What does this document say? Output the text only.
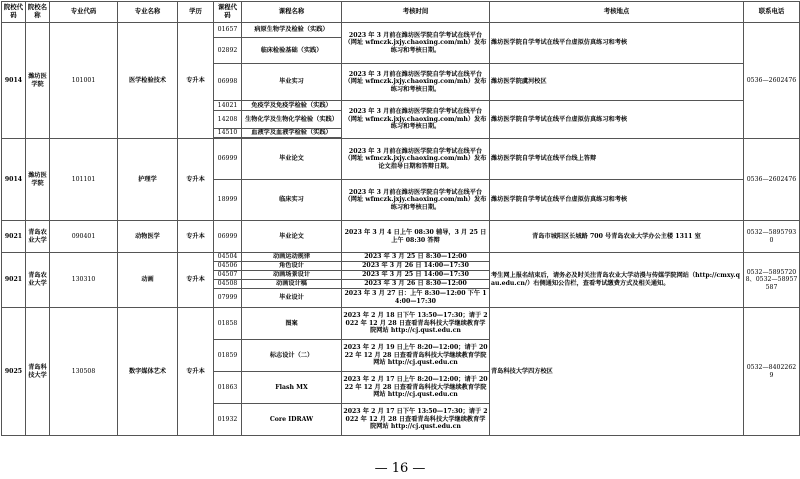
院校代码	院校名称	专业代码	专业名称	学历	课程代码	课程名称	考核时间	考核地点	联系电话
9014	潍坊医学院	101001	医学检验技术	专升本	01657	病原生物学及检验（实践）	2023 年 3 月前在潍坊医学院自学考试在线平台（网址 wfmczk.jxjy.chaoxing.com/mh）发布练习和考核日期。	潍坊医学院自学考试在线平台虚拟仿真练习和考核	0536—2602476
					02892	临床检验基础（实践）			
					06998	毕业实习	2023 年 3 月前在潍坊医学院自学考试在线平台（网址 wfmczk.jxjy.chaoxing.com/mh）发布练习和考核日期。	潍坊医学院虞河校区	
					14021	免疫学及免疫学检验（实践）	2023 年 3 月前在潍坊医学院自学考试在线平台（网址 wfmczk.jxjy.chaoxing.com/mh）发布练习和考核日期。	潍坊医学院自学考试在线平台虚拟仿真练习和考核	
					14208	生物化学及生物化学检验（实践）			
					14510	血液学及血液学检验（实践）			

9014	潍坊医学院	101101	护理学	专升本	06999	毕业论文	2023 年 3 月前在潍坊医学院自学考试在线平台（网址 wfmczk.jxjy.chaoxing.com/mh）发布论文指导日期和答辩日期。	潍坊医学院自学考试在线平台线上答辩	0536—2602476
					18999	临床实习	2023 年 3 月前在潍坊医学院自学考试在线平台（网址 wfmczk.jxjy.chaoxing.com/mh）发布练习和考核日期。	潍坊医学院自学考试在线平台虚拟仿真练习和考核	
9021	青岛农业大学	090401	动物医学	专升本	06999	毕业论文	2023 年 3 月 4 日上午 08:30 辅导，3 月 25 日上午 08:30 答辩	青岛市城阳区长城路 700 号青岛农业大学办公主楼 1311 室	0532—58957930
9021	青岛农业大学	130310	动画	专升本	04504	动画运动规律	2023 年 3 月 25 日 8:30—12:00	考生网上报名结束后，请务必及时关注青岛农业大学动漫与传媒学院网站（http://cmxy.qau.edu.cn/）右侧通知公告栏，查看考试缴费方式及相关通知。	0532—58957208、0532—58957587
					04506	角色设计	2023 年 3 月 26 日 14:00—17:30		
					04507	动画场景设计	2023 年 3 月 25 日 14:00—17:30		
					04508	动画设计稿	2023 年 3 月 26 日 8:30—12:00		
					07999	毕业设计	2023 年 3 月 27 日：上午 8:30—12:00 下午 14:00—17:30		
9025	青岛科技大学	130508	数字媒体艺术	专升本	01858	图案	2023 年 2 月 18 日下午 13:50—17:30；请于 2022 年 12 月 28 日查看青岛科技大学继续教育学院网站 http://cj.qust.edu.cn	青岛科技大学四方校区	0532—84022629
					01859	标志设计（二）	2023 年 2 月 19 日上午 8:20—12:00；请于 2022 年 12 月 28 日查看青岛科技大学继续教育学院网站 http://cj.qust.edu.cn		
					01863	Flash MX	2023 年 2 月 17 日上午 8:20—12:00；请于 2022 年 12 月 28 日查看青岛科技大学继续教育学院网站 http://cj.qust.edu.cn		
					01932	Core IDRAW	2023 年 2 月 17 日下午 13:50—17:30；请于 2022 年 12 月 28 日查看青岛科技大学继续教育学院网站 http://cj.qust.edu.cn		
— 16 —
